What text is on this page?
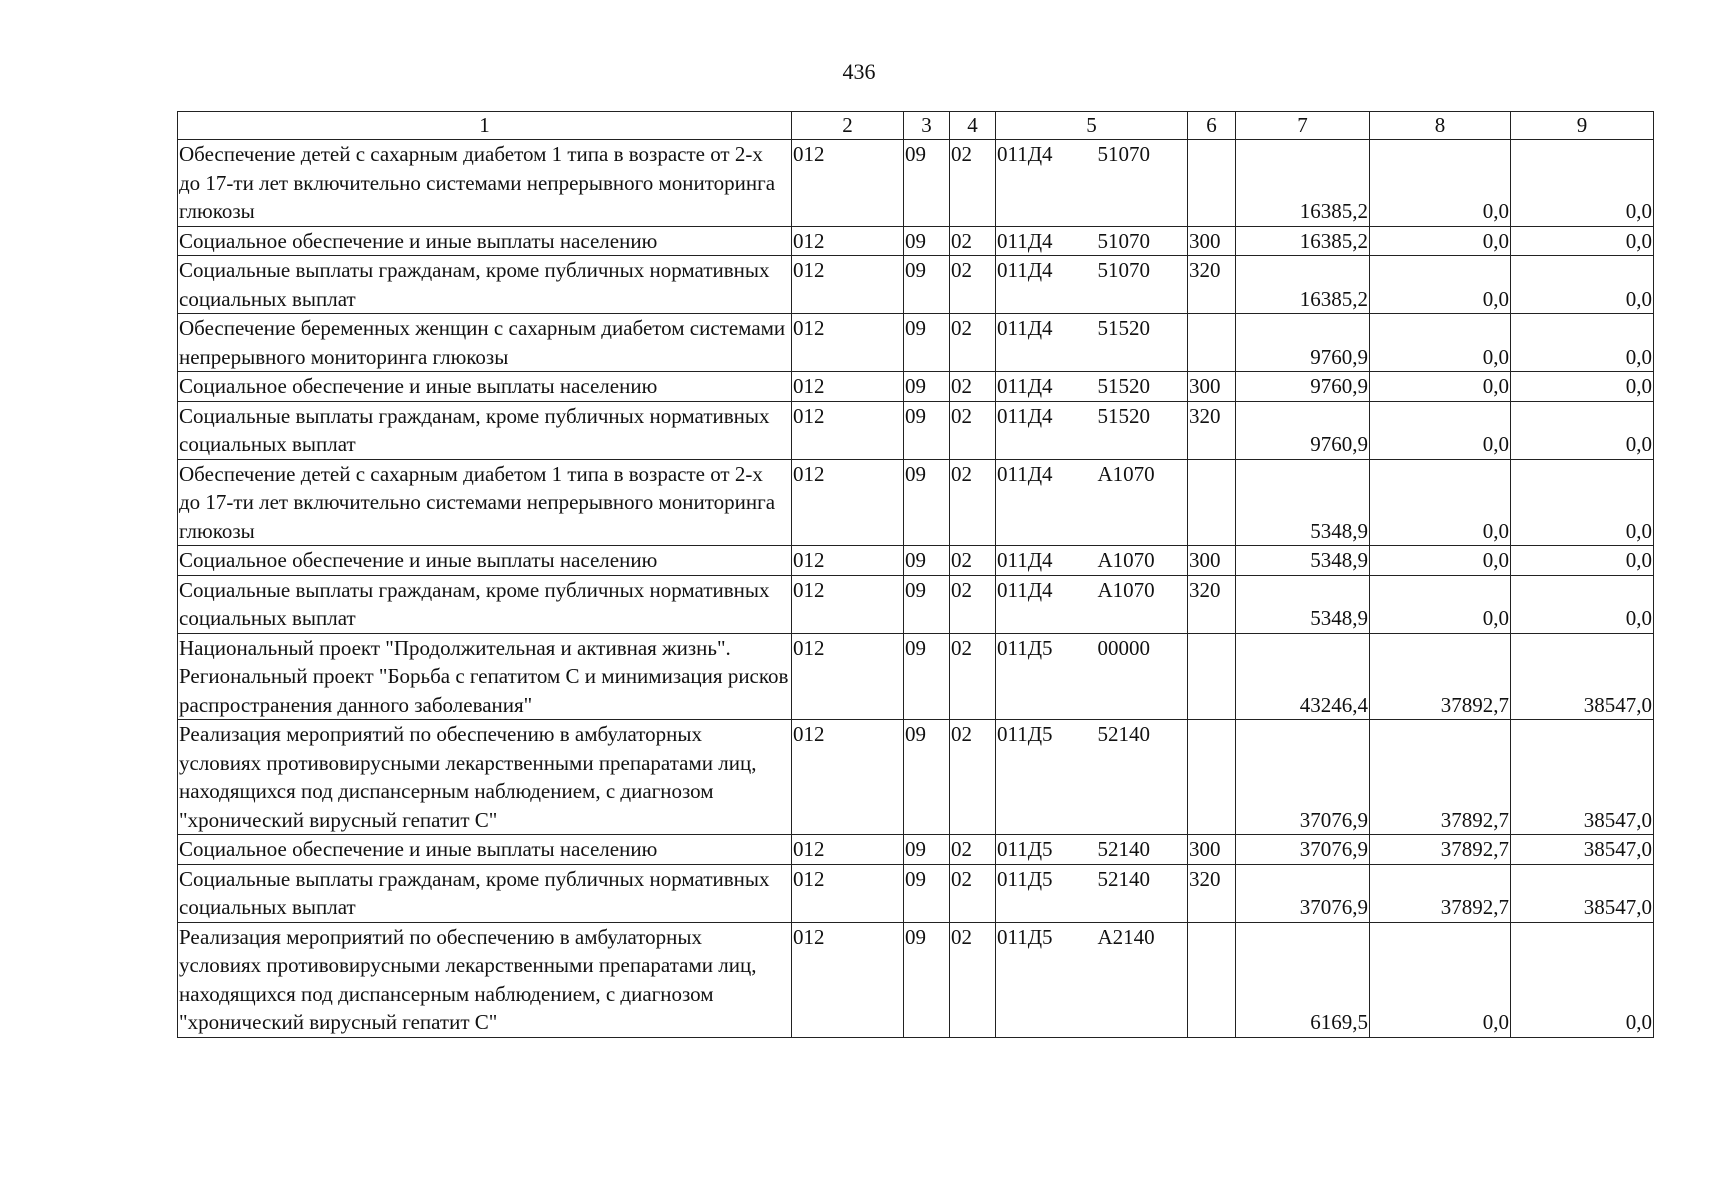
436
1	2	3	4	5		6	7	8	9
Обеспечение детей с сахарным диабетом 1 типа в возрасте от 2-х до 17-ти лет включительно системами непрерывного мониторинга глюкозы	012	09	02	011Д4	51070		16385,2	0,0	0,0
Социальное обеспечение и иные выплаты населению	012	09	02	011Д4	51070	300	16385,2	0,0	0,0
Социальные выплаты гражданам, кроме публичных нормативных социальных выплат	012	09	02	011Д4	51070	320	16385,2	0,0	0,0
Обеспечение беременных женщин с сахарным диабетом системами непрерывного мониторинга глюкозы	012	09	02	011Д4	51520		9760,9	0,0	0,0
Социальное обеспечение и иные выплаты населению	012	09	02	011Д4	51520	300	9760,9	0,0	0,0
Социальные выплаты гражданам, кроме публичных нормативных социальных выплат	012	09	02	011Д4	51520	320	9760,9	0,0	0,0
Обеспечение детей с сахарным диабетом 1 типа в возрасте от 2-х до 17-ти лет включительно системами непрерывного мониторинга глюкозы	012	09	02	011Д4	А1070		5348,9	0,0	0,0
Социальное обеспечение и иные выплаты населению	012	09	02	011Д4	А1070	300	5348,9	0,0	0,0
Социальные выплаты гражданам, кроме публичных нормативных социальных выплат	012	09	02	011Д4	А1070	320	5348,9	0,0	0,0
Национальный проект "Продолжительная и активная жизнь". Региональный проект "Борьба с гепатитом С и минимизация рисков распространения данного заболевания"	012	09	02	011Д5	00000		43246,4	37892,7	38547,0
Реализация мероприятий по обеспечению в амбулаторных условиях противовирусными лекарственными препаратами лиц, находящихся под диспансерным наблюдением, с диагнозом "хронический вирусный гепатит С"	012	09	02	011Д5	52140		37076,9	37892,7	38547,0
Социальное обеспечение и иные выплаты населению	012	09	02	011Д5	52140	300	37076,9	37892,7	38547,0
Социальные выплаты гражданам, кроме публичных нормативных социальных выплат	012	09	02	011Д5	52140	320	37076,9	37892,7	38547,0
Реализация мероприятий по обеспечению в амбулаторных условиях противовирусными лекарственными препаратами лиц, находящихся под диспансерным наблюдением, с диагнозом "хронический вирусный гепатит С"	012	09	02	011Д5	А2140		6169,5	0,0	0,0
